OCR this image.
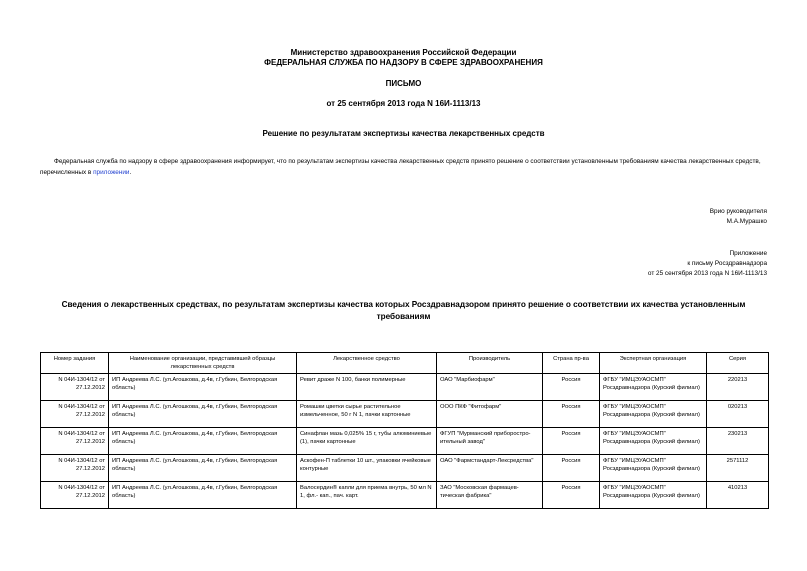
Министерство здравоохранения Российской Федерации
ФЕДЕРАЛЬНАЯ СЛУЖБА ПО НАДЗОРУ В СФЕРЕ ЗДРАВООХРАНЕНИЯ
ПИСЬМО
от 25 сентября 2013 года N 16И-1113/13
Решение по результатам экспертизы качества лекарственных средств
Федеральная служба по надзору в сфере здравоохранения информирует, что по результатам экспертизы качества лекарственных средств принято решение о соответствии установленным требованиям качества лекарственных средств, перечисленных в приложении.
Врио руководителя
М.А.Мурашко
Приложение
к письму Росздравнадзора
от 25 сентября 2013 года N 16И-1113/13
Сведения о лекарственных средствах, по результатам экспертизы качества которых Росздравнадзором принято решение о соответствии их качества установленным требованиям
Номер задания	Наименование организации, представившей образцы лекарственных средств	Лекарственное средство	Производитель	Страна пр-ва	Экспертная организация	Серия
N 04И-1304/12 от 27.12.2012	ИП Андреева Л.С. (ул.Агошкова, д.4в, г.Губкин, Белгородская область)	Ревит драже N 100, банки полимерные	ОАО "Марбиофарм"	Россия	ФГБУ "ИМЦЭУАОСМП" Росздравнадзора (Курский филиал)	220213
N 04И-1304/12 от 27.12.2012	ИП Андреева Л.С. (ул.Агошкова, д.4в, г.Губкин, Белгородская область)	Ромашки цветки сырье растительное измельченное, 50 г N 1, пачки картонные	ООО ПКФ "Фитофарм"	Россия	ФГБУ "ИМЦЭУАОСМП" Росздравнадзора (Курский филиал)	020213
N 04И-1304/12 от 27.12.2012	ИП Андреева Л.С. (ул.Агошкова, д.4в, г.Губкин, Белгородская область)	Синафлан мазь 0,025% 15 г, тубы алюминиевые (1), пачки картонные	ФГУП "Мурманский приборостро-ительный завод"	Россия	ФГБУ "ИМЦЭУАОСМП" Росздравнадзора (Курский филиал)	230213
N 04И-1304/12 от 27.12.2012	ИП Андреева Л.С. (ул.Агошкова, д.4в, г.Губкин, Белгородская область)	Аскофен-П таблетки 10 шт., упаковки ячейковые контурные	ОАО "Фармстандарт-Лексредства"	Россия	ФГБУ "ИМЦЭУАОСМП" Росздравнадзора (Курский филиал)	2571112
N 04И-1304/12 от 27.12.2012	ИП Андреева Л.С. (ул.Агошкова, д.4в, г.Губкин, Белгородская область)	Валосердин® капли для приема внутрь, 50 мл N 1, фл.- кап., пач. карт.	ЗАО "Московская фармацев-тическая фабрика"	Россия	ФГБУ "ИМЦЭУАОСМП" Росздравнадзора (Курский филиал)	410213
